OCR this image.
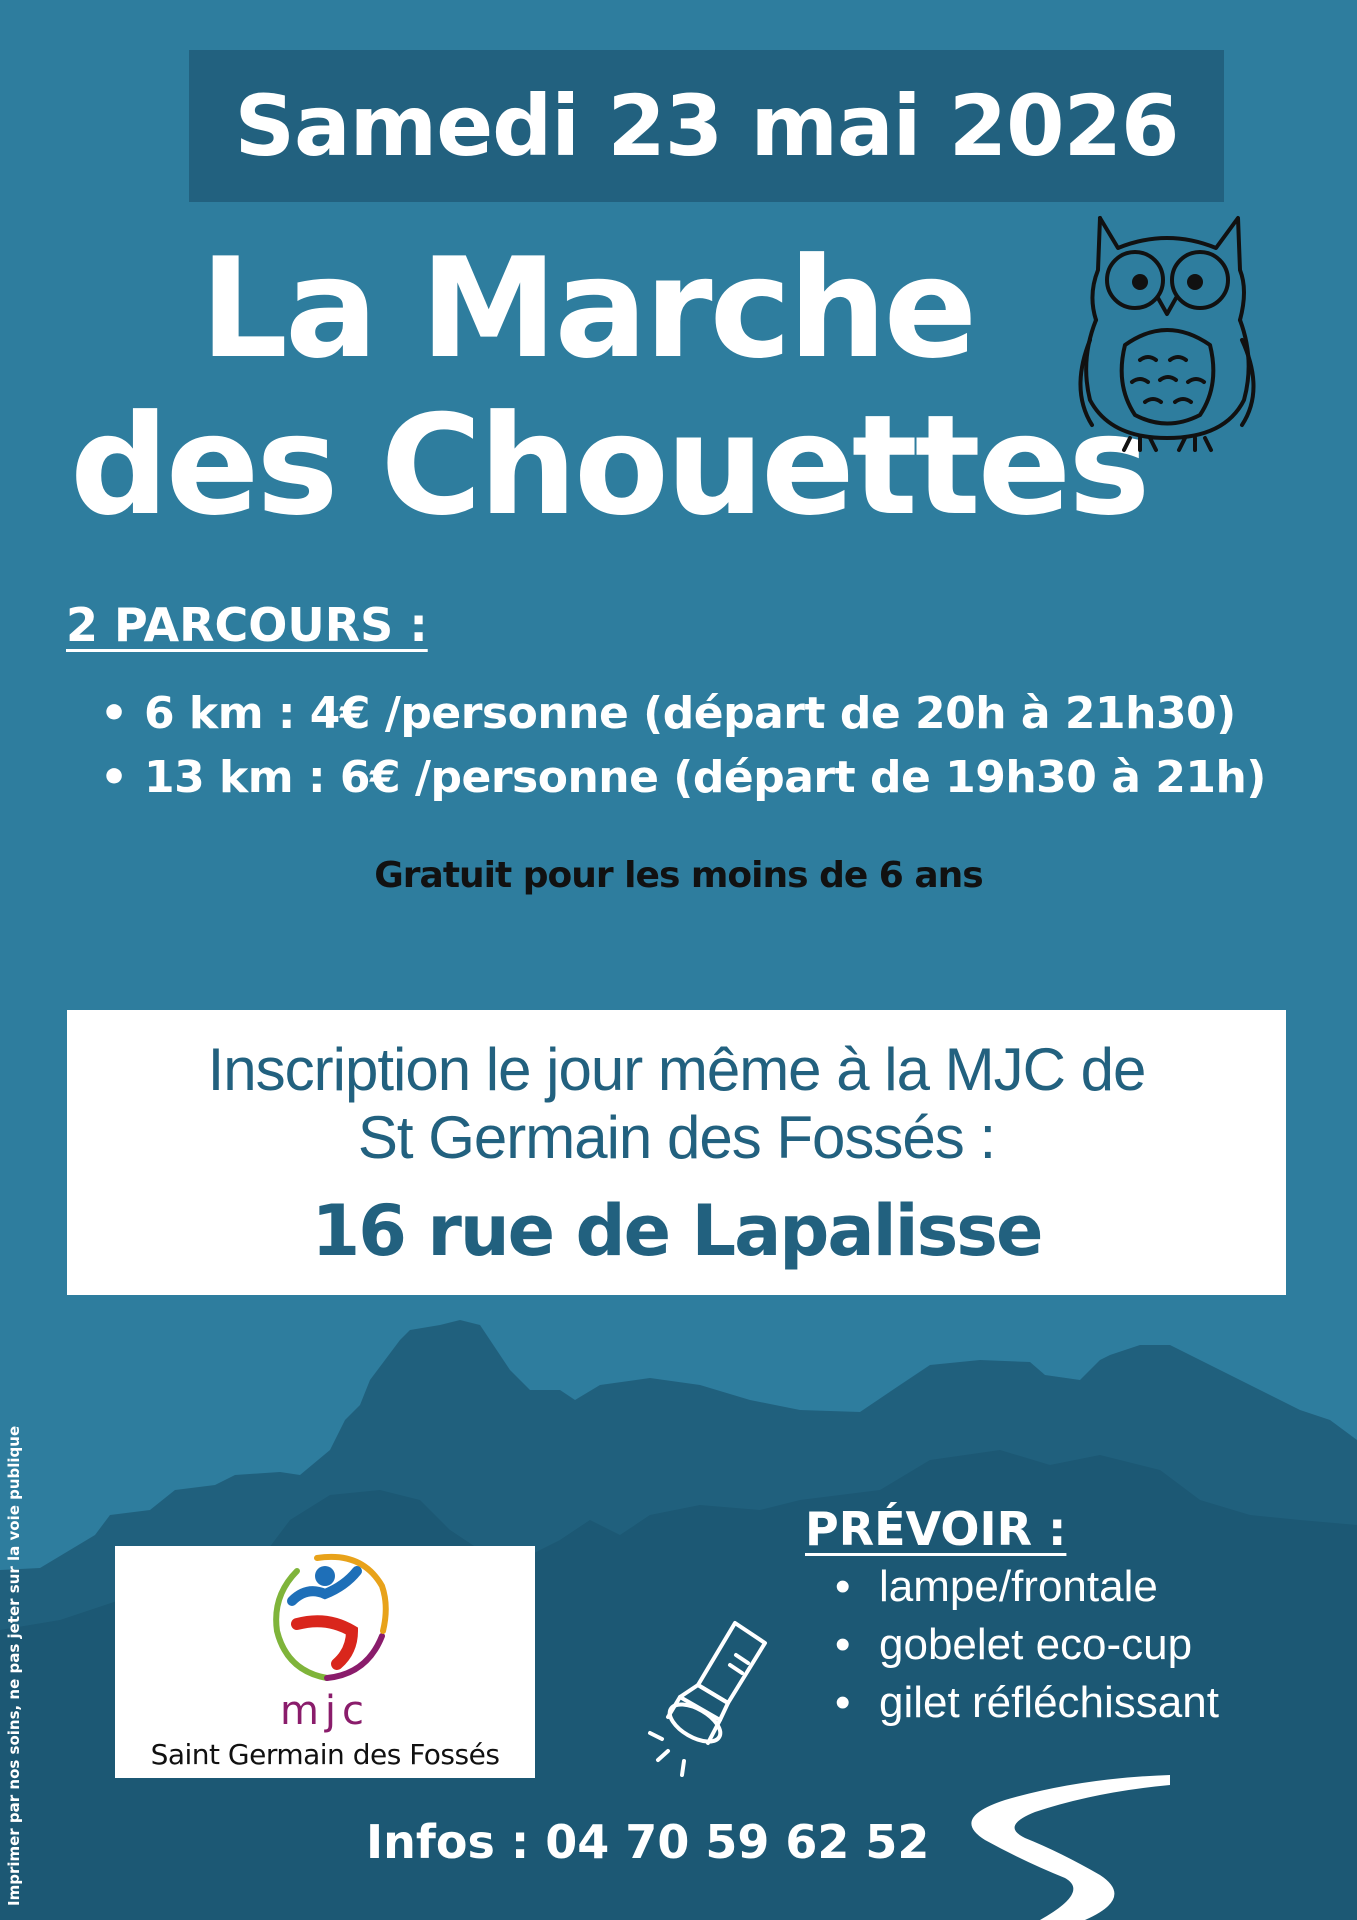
Samedi 23 mai 2026
La Marche
des Chouettes
2 PARCOURS :
• 6 km : 4€ /personne (départ de 20h à 21h30)
• 13 km : 6€ /personne (départ de 19h30 à 21h)
Gratuit pour les moins de 6 ans
Inscription le jour même à la MJC de
St Germain des Fossés :
16 rue de Lapalisse
Imprimer par nos soins, ne pas jeter sur la voie publique	mjc
Saint Germain des Fossés
PRÉVOIR :
• lampe/frontale
• gobelet eco-cup
• gilet réfléchissant
Infos : 04 70 59 62 52
